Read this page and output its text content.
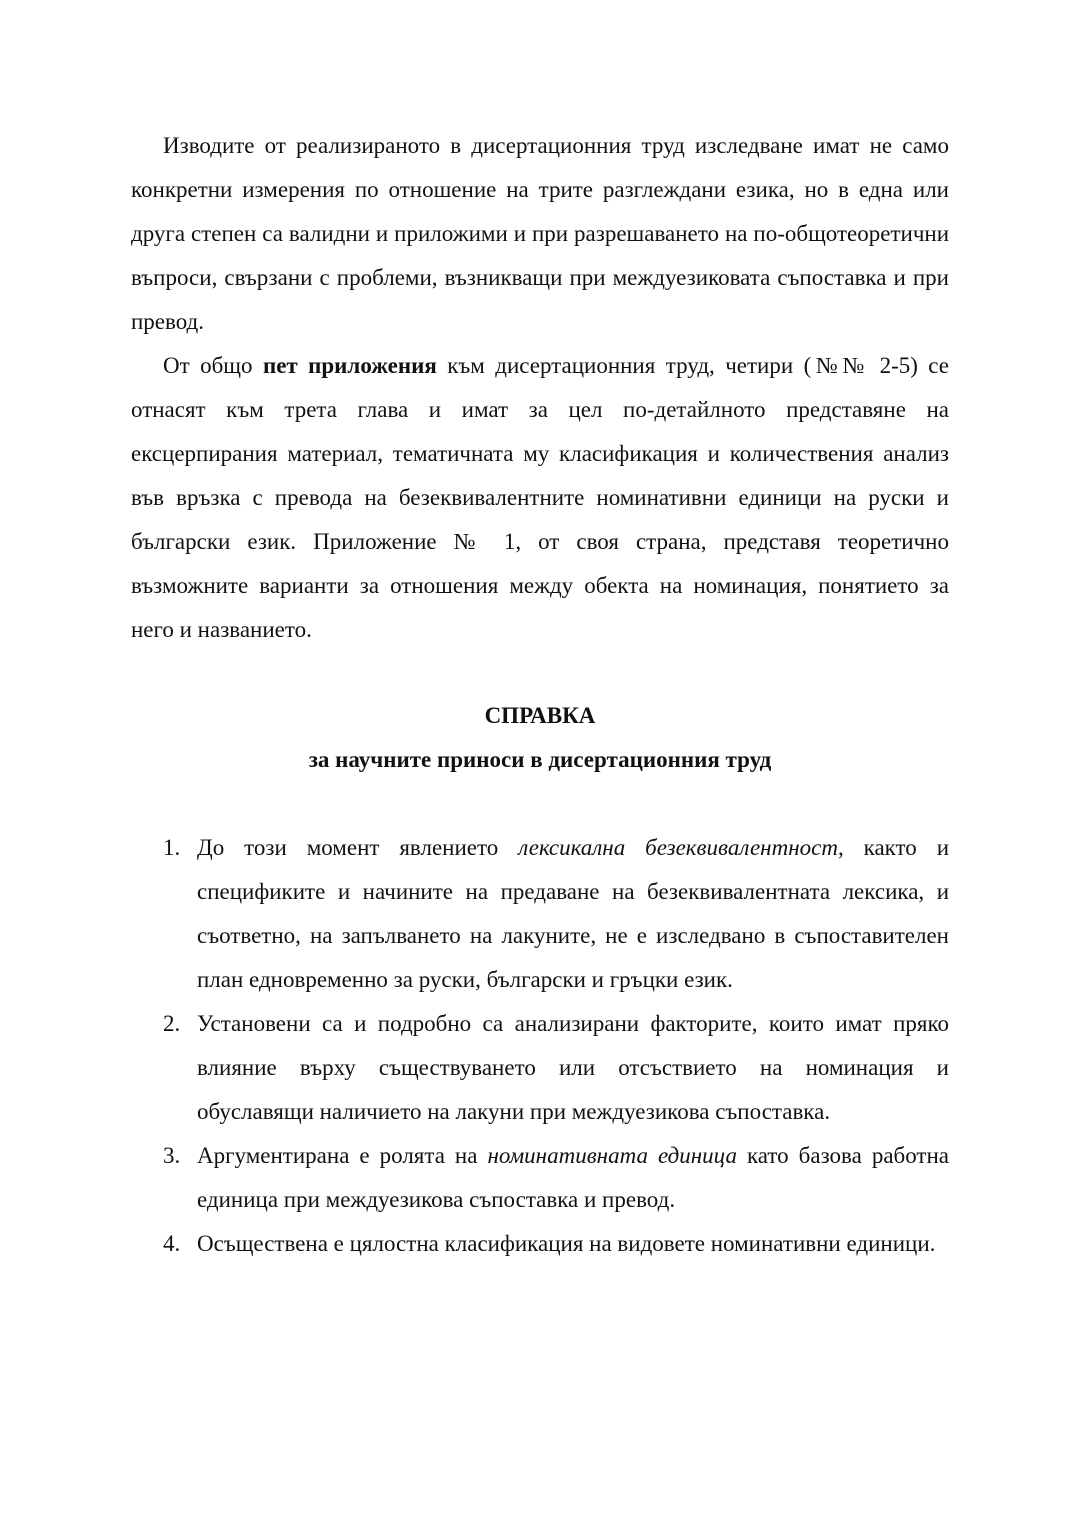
Изводите от реализираното в дисертационния труд изследване имат не само конкретни измерения по отношение на трите разглеждани езика, но в една или друга степен са валидни и приложими и при разрешаването на по-общотеоретични въпроси, свързани с проблеми, възникващи при междуезиковата съпоставка и при превод.

От общо пет приложения към дисертационния труд, четири (№№ 2-5) се отнасят към трета глава и имат за цел по-детайлното представяне на ексцерпирания материал, тематичната му класификация и количествения анализ във връзка с превода на безеквивалентните номинативни единици на руски и български език. Приложение № 1, от своя страна, представя теоретично възможните варианти за отношения между обекта на номинация, понятието за него и названието.

СПРАВКА

за научните приноси в дисертационния труд

1. До този момент явлението лексикална безеквивалентност, както и спецификите и начините на предаване на безеквивалентната лексика, и съответно, на запълването на лакуните, не е изследвано в съпоставителен план едновременно за руски, български и гръцки език.
2. Установени са и подробно са анализирани факторите, които имат пряко влияние върху съществуването или отсъствието на номинация и обуславящи наличието на лакуни при междуезикова съпоставка.
3. Аргументирана е ролята на номинативната единица като базова работна единица при междуезикова съпоставка и превод.
4. Осъществена е цялостна класификация на видовете номинативни единици.
